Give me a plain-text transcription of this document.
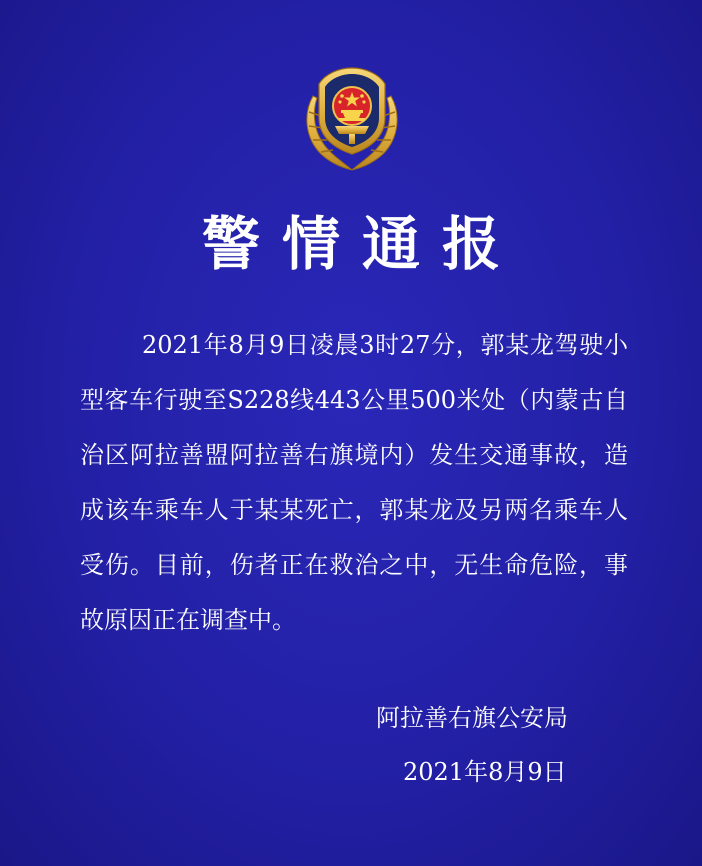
警情通报

2021年8月9日凌晨3时27分，郭某龙驾驶小型客车行驶至S228线443公里500米处（内蒙古自治区阿拉善盟阿拉善右旗境内）发生交通事故，造成该车乘车人于某某死亡，郭某龙及另两名乘车人受伤。目前，伤者正在救治之中，无生命危险，事故原因正在调查中。

阿拉善右旗公安局

2021年8月9日
